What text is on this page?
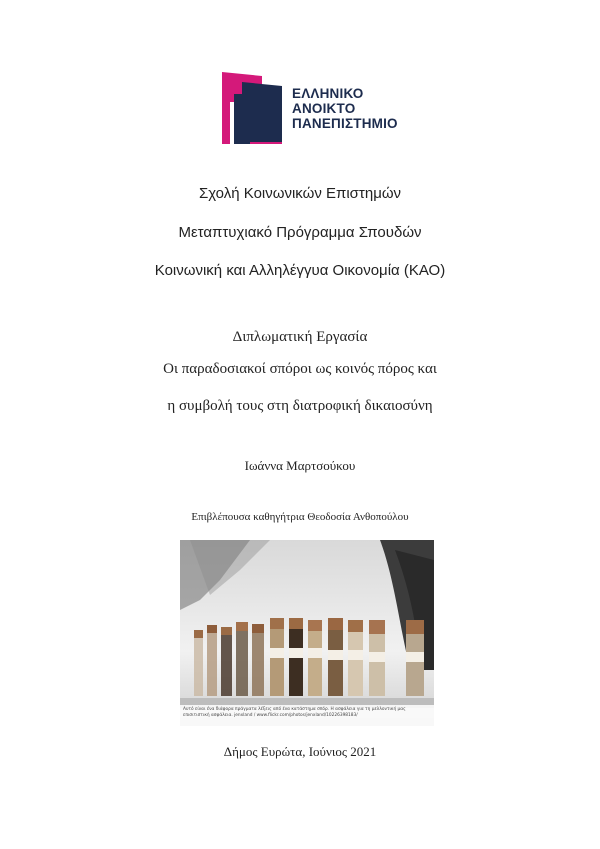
ΕΛΛΗΝΙΚΟ
ΑΝΟΙΚΤΟ
ΠΑΝΕΠΙΣΤΗΜΙΟ
Σχολή Κοινωνικών Επιστημών
Μεταπτυχιακό Πρόγραμμα Σπουδών
Κοινωνική και Αλληλέγγυα Οικονομία (ΚΑΟ)
Διπλωματική Εργασία
Οι παραδοσιακοί σπόροι ως κοινός πόρος και
η συμβολή τους στη διατροφική δικαιοσύνη
Ιωάννα Μαρτσούκου
Επιβλέπουσα καθηγήτρια Θεοδοσία Ανθοπούλου
Αυτό είναι ένα διάφορα πράγματα λέξεις από ένα κατάστημα σπόρ. Η ασφάλεια για τη μελλοντική μας
επισιτιστική ασφάλεια. jenxland / www.flickr.com/photos/jenxland/10226398183/
Δήμος Ευρώτα, Ιούνιος 2021
